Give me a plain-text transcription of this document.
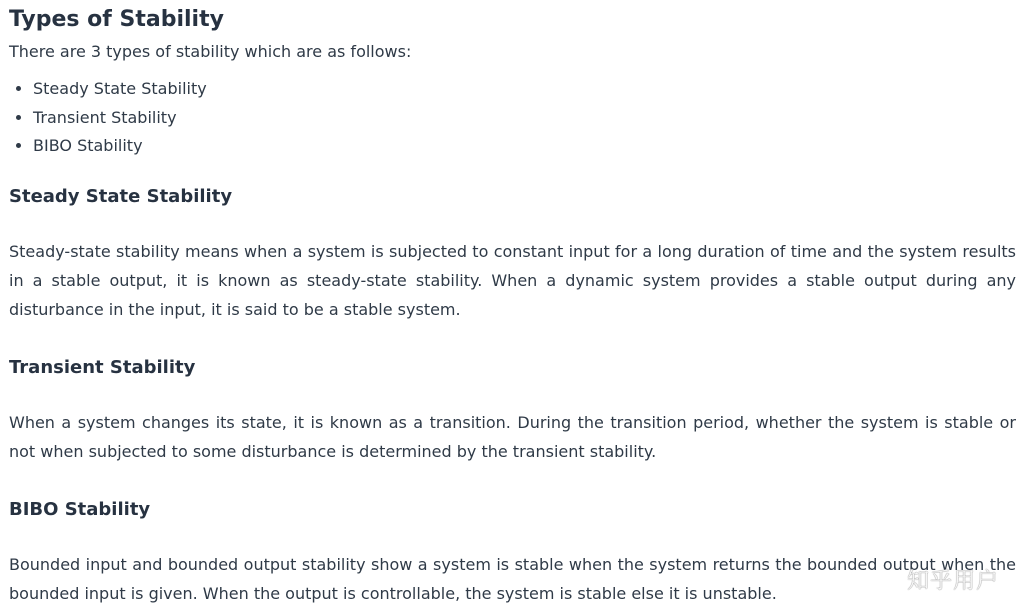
Types of Stability

There are 3 types of stability which are as follows:

• Steady State Stability
• Transient Stability
• BIBO Stability
Steady State Stability

Steady-state stability means when a system is subjected to constant input for a long duration of time and the system results in a stable output, it is known as steady-state stability. When a dynamic system provides a stable output during any disturbance in the input, it is said to be a stable system.

Transient Stability

When a system changes its state, it is known as a transition. During the transition period, whether the system is stable or not when subjected to some disturbance is determined by the transient stability.

BIBO Stability

Bounded input and bounded output stability show a system is stable when the system returns the bounded output when the bounded input is given. When the output is controllable, the system is stable else it is unstable.	知乎用户
